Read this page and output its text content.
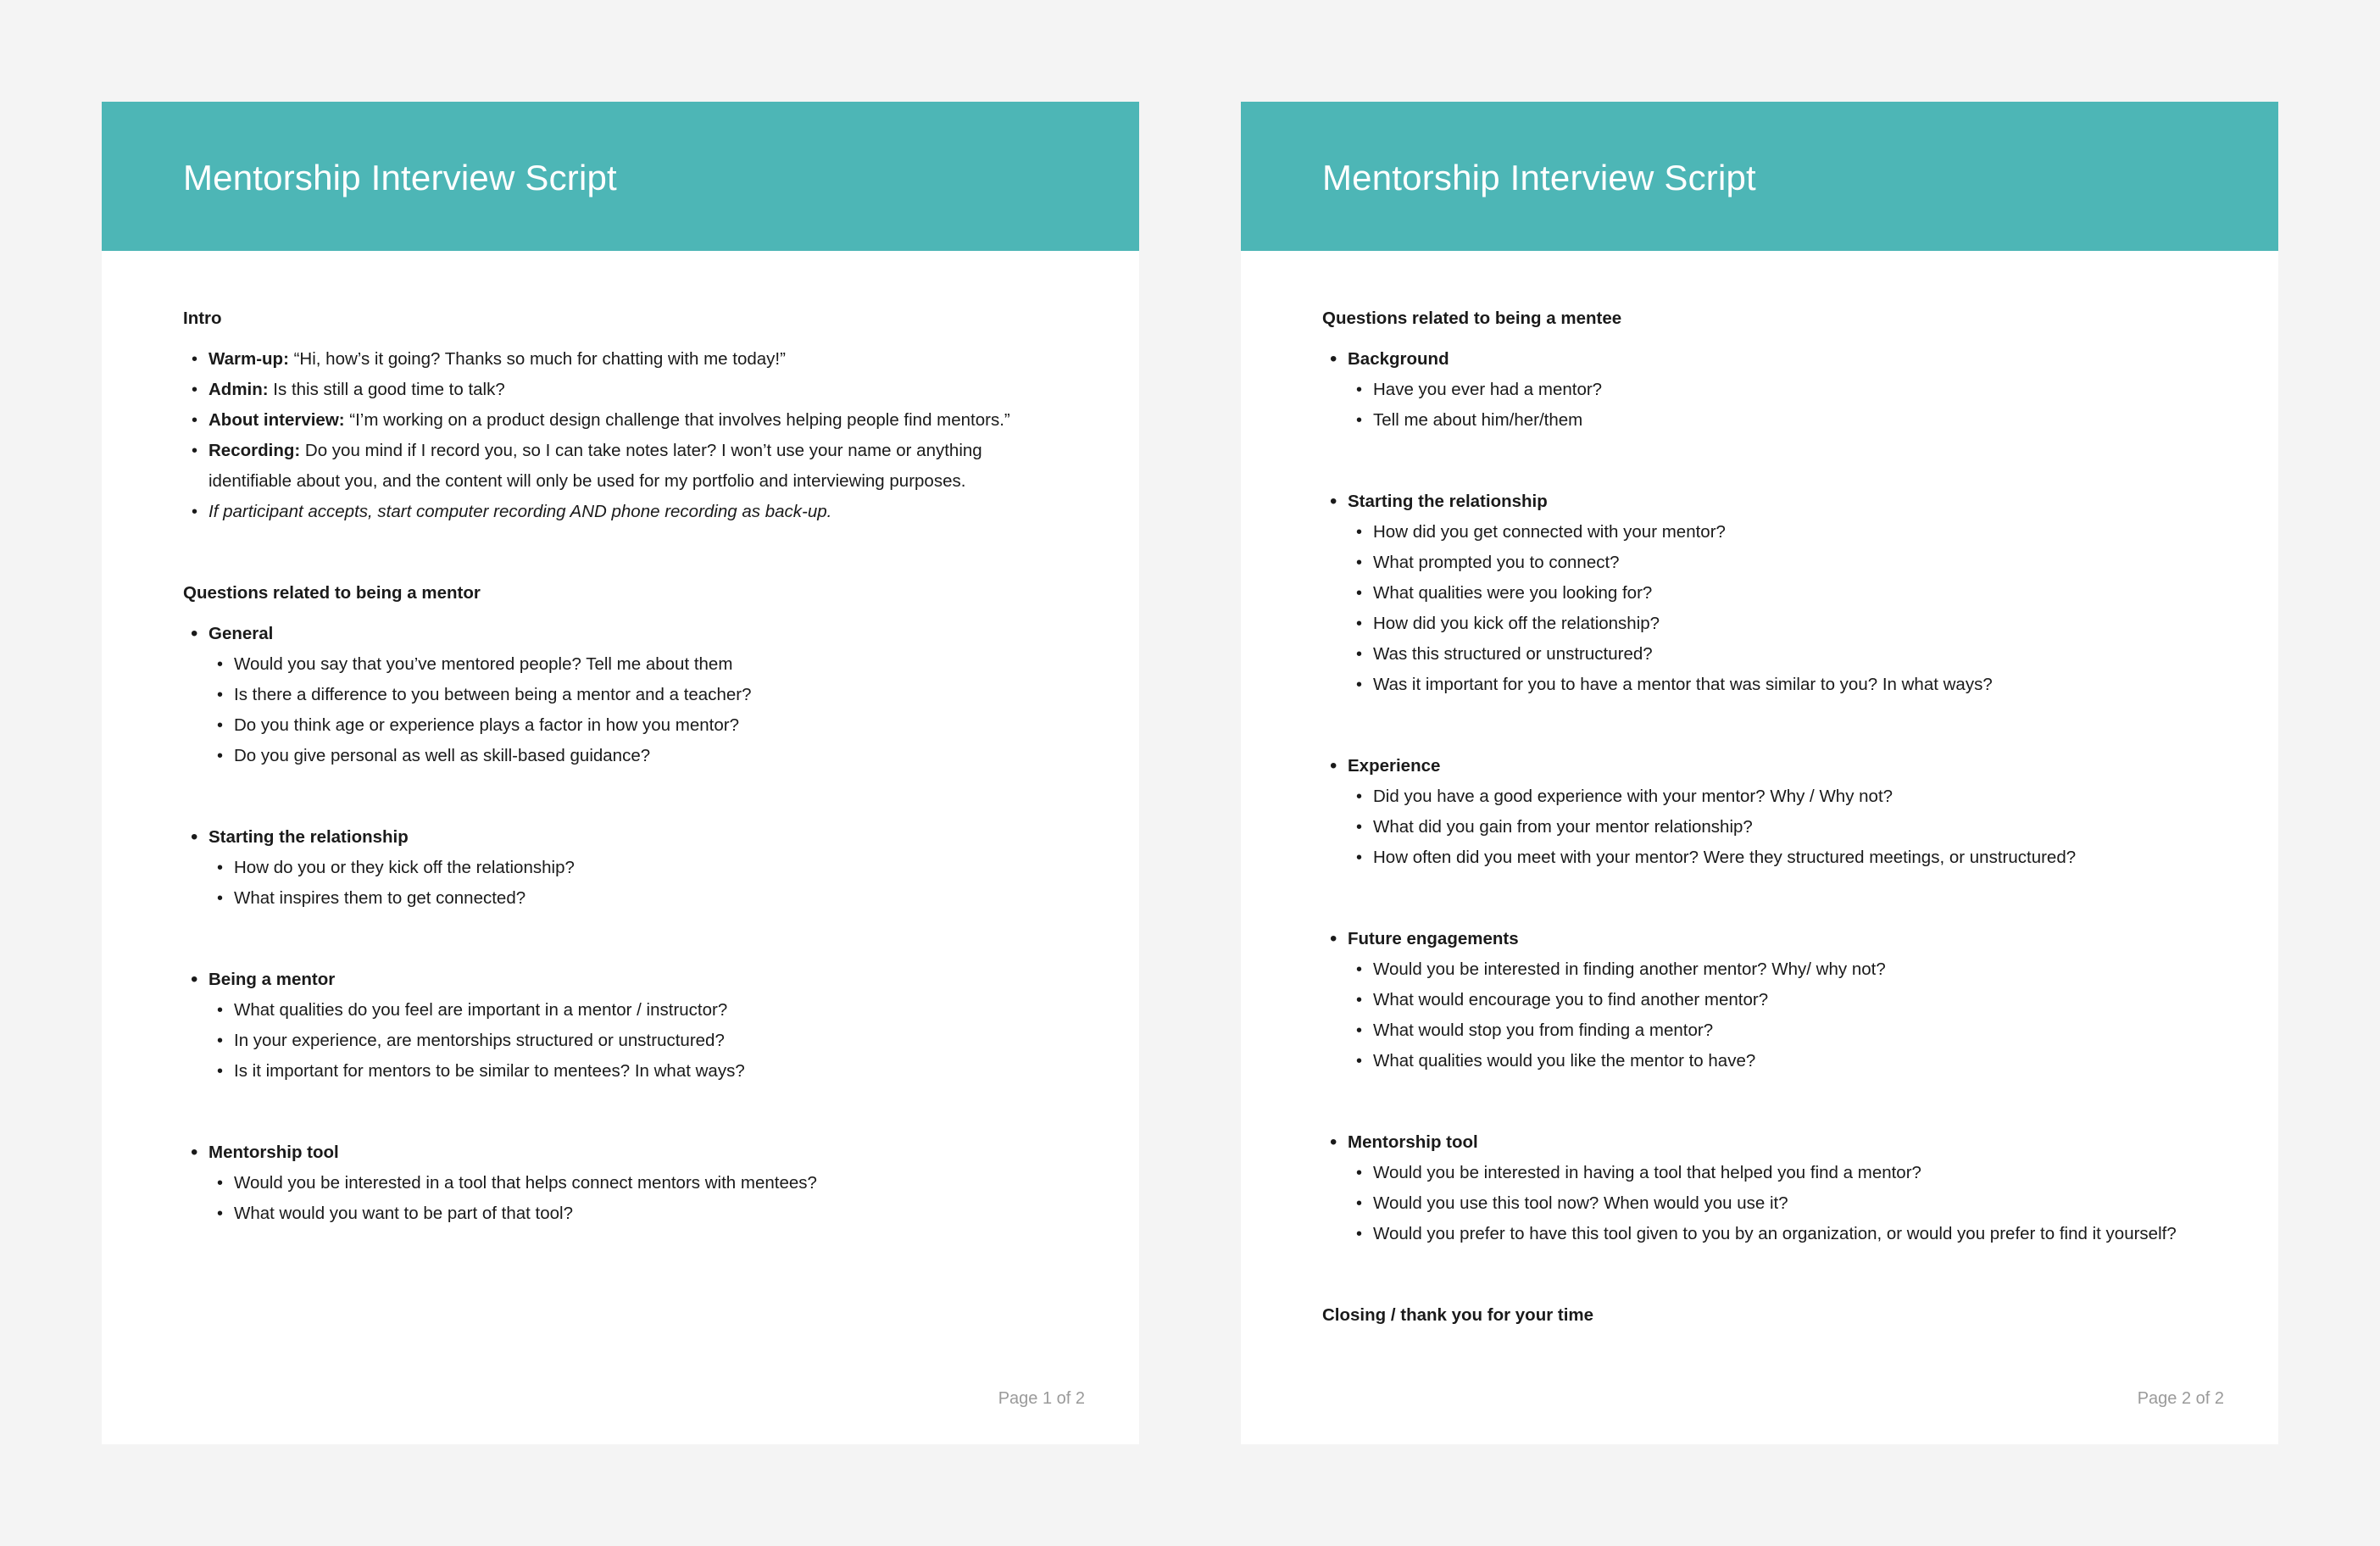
Mentorship Interview Script
Intro
• Warm-up: “Hi, how’s it going? Thanks so much for chatting with me today!”
• Admin: Is this still a good time to talk?
• About interview: “I’m working on a product design challenge that involves helping people find mentors.”
• Recording: Do you mind if I record you, so I can take notes later? I won’t use your name or anything identifiable about you, and the content will only be used for my portfolio and interviewing purposes.
• If participant accepts, start computer recording AND phone recording as back-up.
Questions related to being a mentor
• General
• Would you say that you’ve mentored people? Tell me about them
• Is there a difference to you between being a mentor and a teacher?
• Do you think age or experience plays a factor in how you mentor?
• Do you give personal as well as skill-based guidance?
• Starting the relationship
• How do you or they kick off the relationship?
• What inspires them to get connected?
• Being a mentor
• What qualities do you feel are important in a mentor / instructor?
• In your experience, are mentorships structured or unstructured?
• Is it important for mentors to be similar to mentees? In what ways?
• Mentorship tool
• Would you be interested in a tool that helps connect mentors with mentees?
• What would you want to be part of that tool?
Page 1 of 2
Mentorship Interview Script
Questions related to being a mentee
• Background
• Have you ever had a mentor?
• Tell me about him/her/them
• Starting the relationship
• How did you get connected with your mentor?
• What prompted you to connect?
• What qualities were you looking for?
• How did you kick off the relationship?
• Was this structured or unstructured?
• Was it important for you to have a mentor that was similar to you? In what ways?
• Experience
• Did you have a good experience with your mentor? Why / Why not?
• What did you gain from your mentor relationship?
• How often did you meet with your mentor? Were they structured meetings, or unstructured?
• Future engagements
• Would you be interested in finding another mentor? Why/ why not?
• What would encourage you to find another mentor?
• What would stop you from finding a mentor?
• What qualities would you like the mentor to have?
• Mentorship tool
• Would you be interested in having a tool that helped you find a mentor?
• Would you use this tool now? When would you use it?
• Would you prefer to have this tool given to you by an organization, or would you prefer to find it yourself?
Closing / thank you for your time
Page 2 of 2
